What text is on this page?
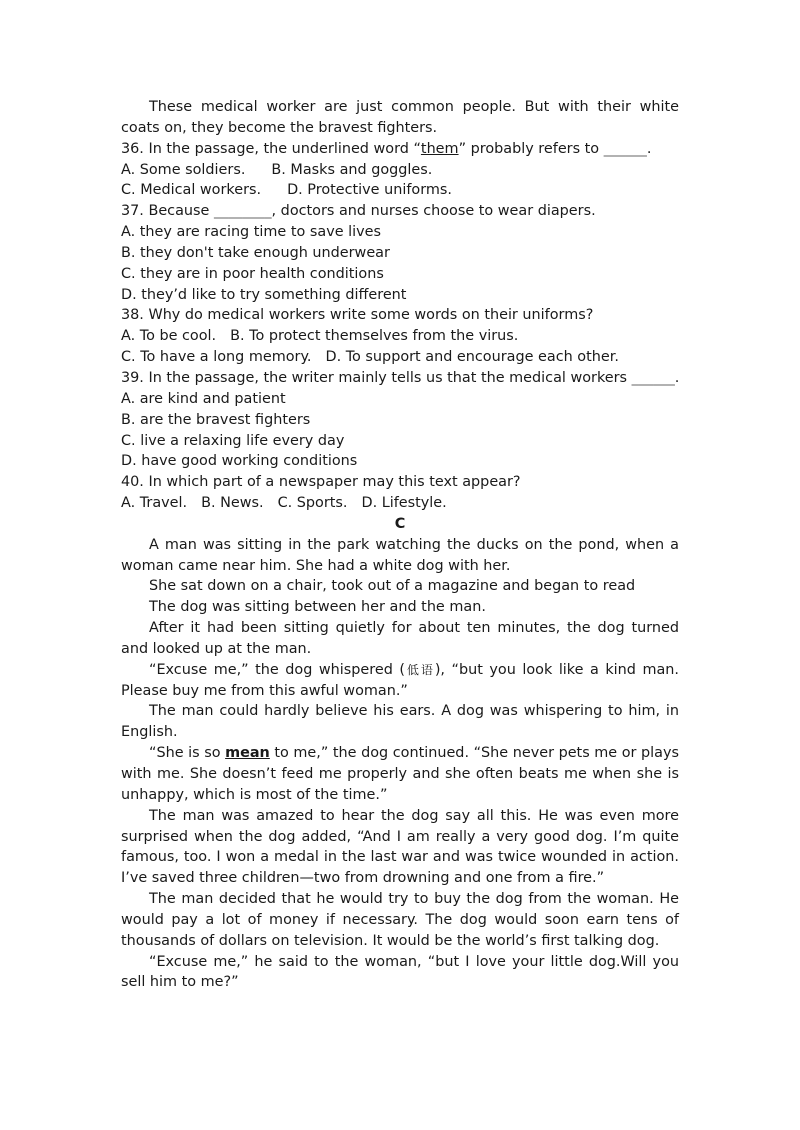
These medical worker are just common people. But with their white coats on, they become the bravest fighters.

36. In the passage, the underlined word “them” probably refers to ______.

A. Some soldiers. B. Masks and goggles.

C. Medical workers. D. Protective uniforms.

37. Because ________, doctors and nurses choose to wear diapers.

A. they are racing time to save lives

B. they don't take enough underwear

C. they are in poor health conditions

D. they’d like to try something different

38. Why do medical workers write some words on their uniforms?

A. To be cool. B. To protect themselves from the virus.

C. To have a long memory. D. To support and encourage each other.

39. In the passage, the writer mainly tells us that the medical workers ______.

A. are kind and patient

B. are the bravest fighters

C. live a relaxing life every day

D. have good working conditions

40. In which part of a newspaper may this text appear?

A. Travel. B. News. C. Sports. D. Lifestyle.

C

A man was sitting in the park watching the ducks on the pond, when a woman came near him. She had a white dog with her.

She sat down on a chair, took out of a magazine and began to read

The dog was sitting between her and the man.

After it had been sitting quietly for about ten minutes, the dog turned and looked up at the man.

“Excuse me,” the dog whispered (低语), “but you look like a kind man. Please buy me from this awful woman.”

The man could hardly believe his ears. A dog was whispering to him, in English.

“She is so mean to me,” the dog continued. “She never pets me or plays with me. She doesn’t feed me properly and she often beats me when she is unhappy, which is most of the time.”

The man was amazed to hear the dog say all this. He was even more surprised when the dog added, “And I am really a very good dog. I’m quite famous, too. I won a medal in the last war and was twice wounded in action. I’ve saved three children—two from drowning and one from a fire.”

The man decided that he would try to buy the dog from the woman. He would pay a lot of money if necessary. The dog would soon earn tens of thousands of dollars on television. It would be the world’s first talking dog.

“Excuse me,” he said to the woman, “but I love your little dog.Will you sell him to me?”
